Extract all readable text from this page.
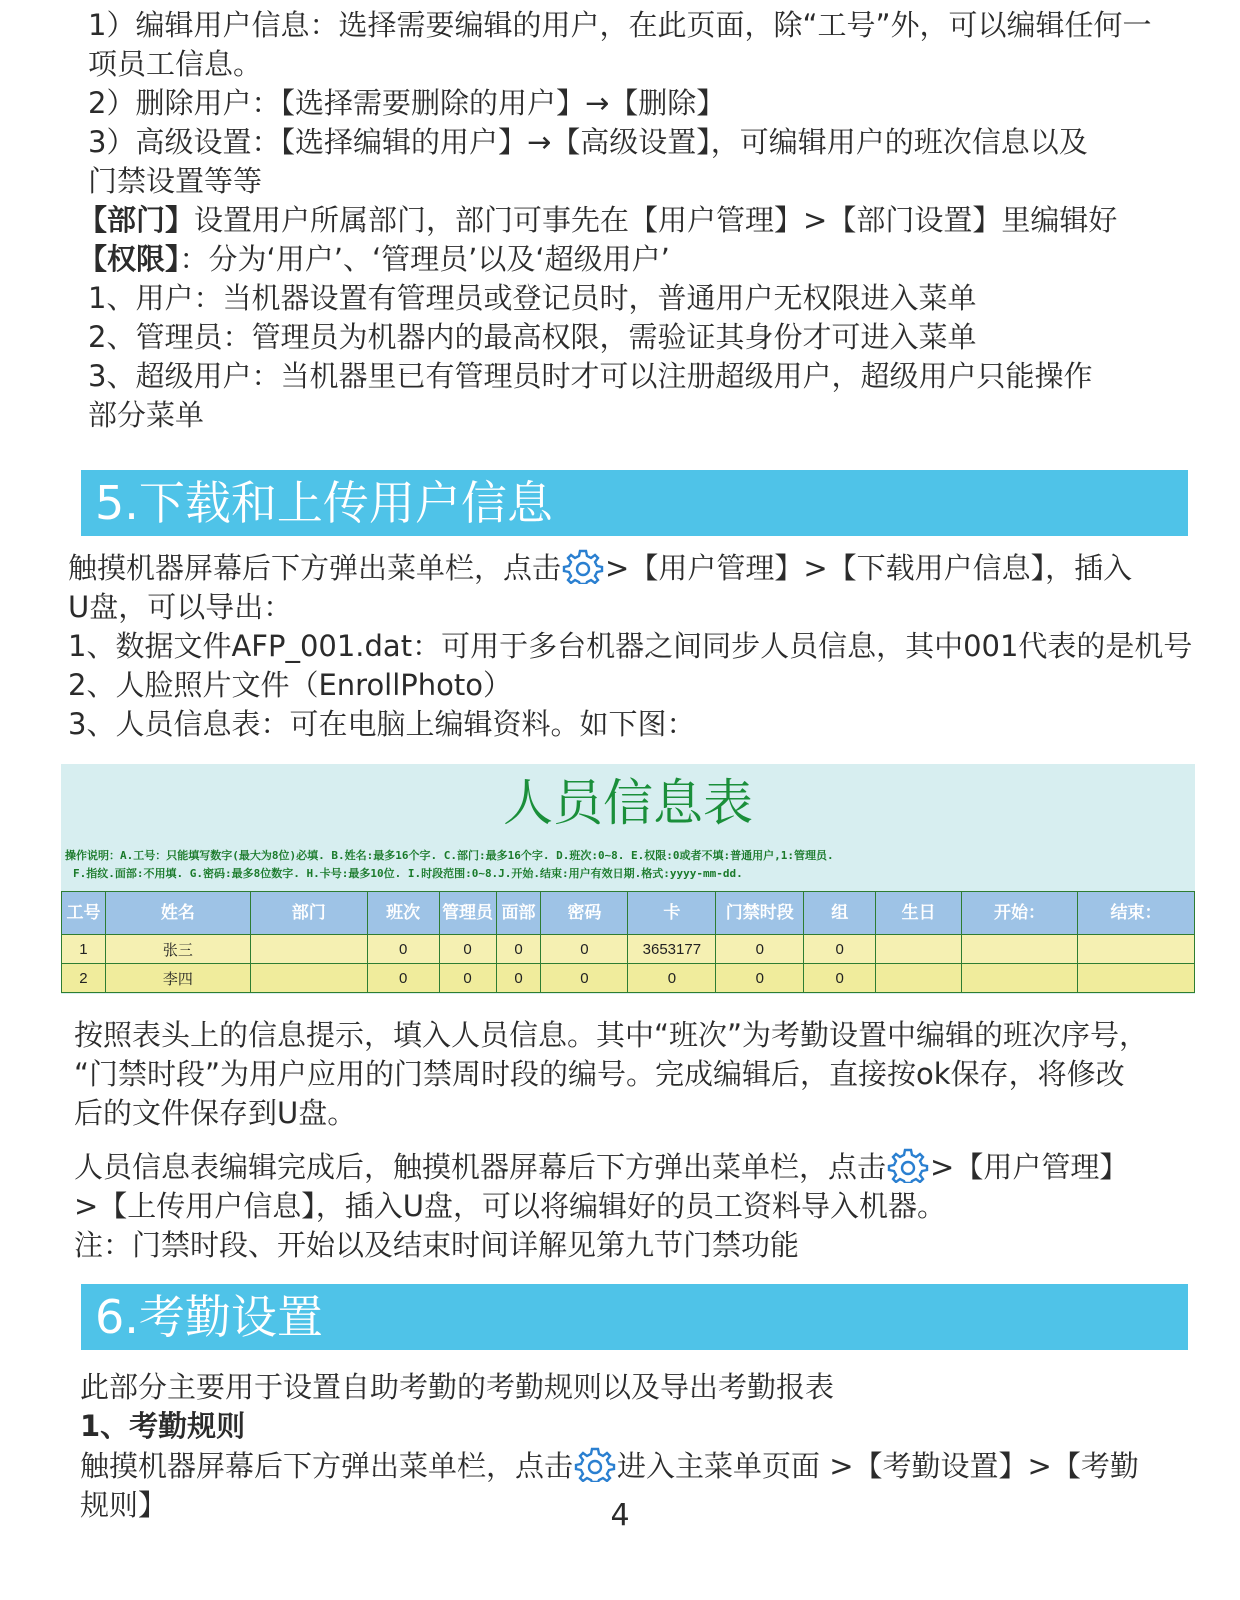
1）编辑用户信息：选择需要编辑的用户，在此页面，除“工号”外，可以编辑任何一
项员工信息。
2）删除用户：【选择需要删除的用户】→【删除】
3）高级设置：【选择编辑的用户】→【高级设置】，可编辑用户的班次信息以及
门禁设置等等
【部门】设置用户所属部门，部门可事先在【用户管理】>【部门设置】里编辑好
【权限】：分为‘用户’、‘管理员’以及‘超级用户’
1、用户：当机器设置有管理员或登记员时，普通用户无权限进入菜单
2、管理员：管理员为机器内的最高权限，需验证其身份才可进入菜单
3、超级用户：当机器里已有管理员时才可以注册超级用户，超级用户只能操作
部分菜单
5.下载和上传用户信息
触摸机器屏幕后下方弹出菜单栏，点击 >【用户管理】>【下载用户信息】，插入
U盘，可以导出：
1、数据文件AFP_001.dat：可用于多台机器之间同步人员信息，其中001代表的是机号
2、人脸照片文件（EnrollPhoto）
3、人员信息表：可在电脑上编辑资料。如下图：
人员信息表
操作说明：A.工号：只能填写数字(最大为8位)必填. B.姓名:最多16个字. C.部门:最多16个字. D.班次:0~8. E.权限:0或者不填:普通用户,1:管理员.
F.指纹.面部:不用填. G.密码:最多8位数字. H.卡号:最多10位. I.时段范围:0~8.J.开始.结束:用户有效日期.格式:yyyy-mm-dd.
工号	姓名	部门	班次	管理员	面部	密码	卡	门禁时段	组	生日	开始：	结束：
1	张三		0	0	0	0	3653177	0	0			
2	李四		0	0	0	0	0	0	0			
按照表头上的信息提示，填入人员信息。其中“班次”为考勤设置中编辑的班次序号，
“门禁时段”为用户应用的门禁周时段的编号。完成编辑后，直接按ok保存，将修改
后的文件保存到U盘。
人员信息表编辑完成后，触摸机器屏幕后下方弹出菜单栏，点击 >【用户管理】
>【上传用户信息】，插入U盘，可以将编辑好的员工资料导入机器。
注：门禁时段、开始以及结束时间详解见第九节门禁功能
6.考勤设置
此部分主要用于设置自助考勤的考勤规则以及导出考勤报表
1、考勤规则
触摸机器屏幕后下方弹出菜单栏，点击 进入主菜单页面 >【考勤设置】>【考勤
规则】	4
